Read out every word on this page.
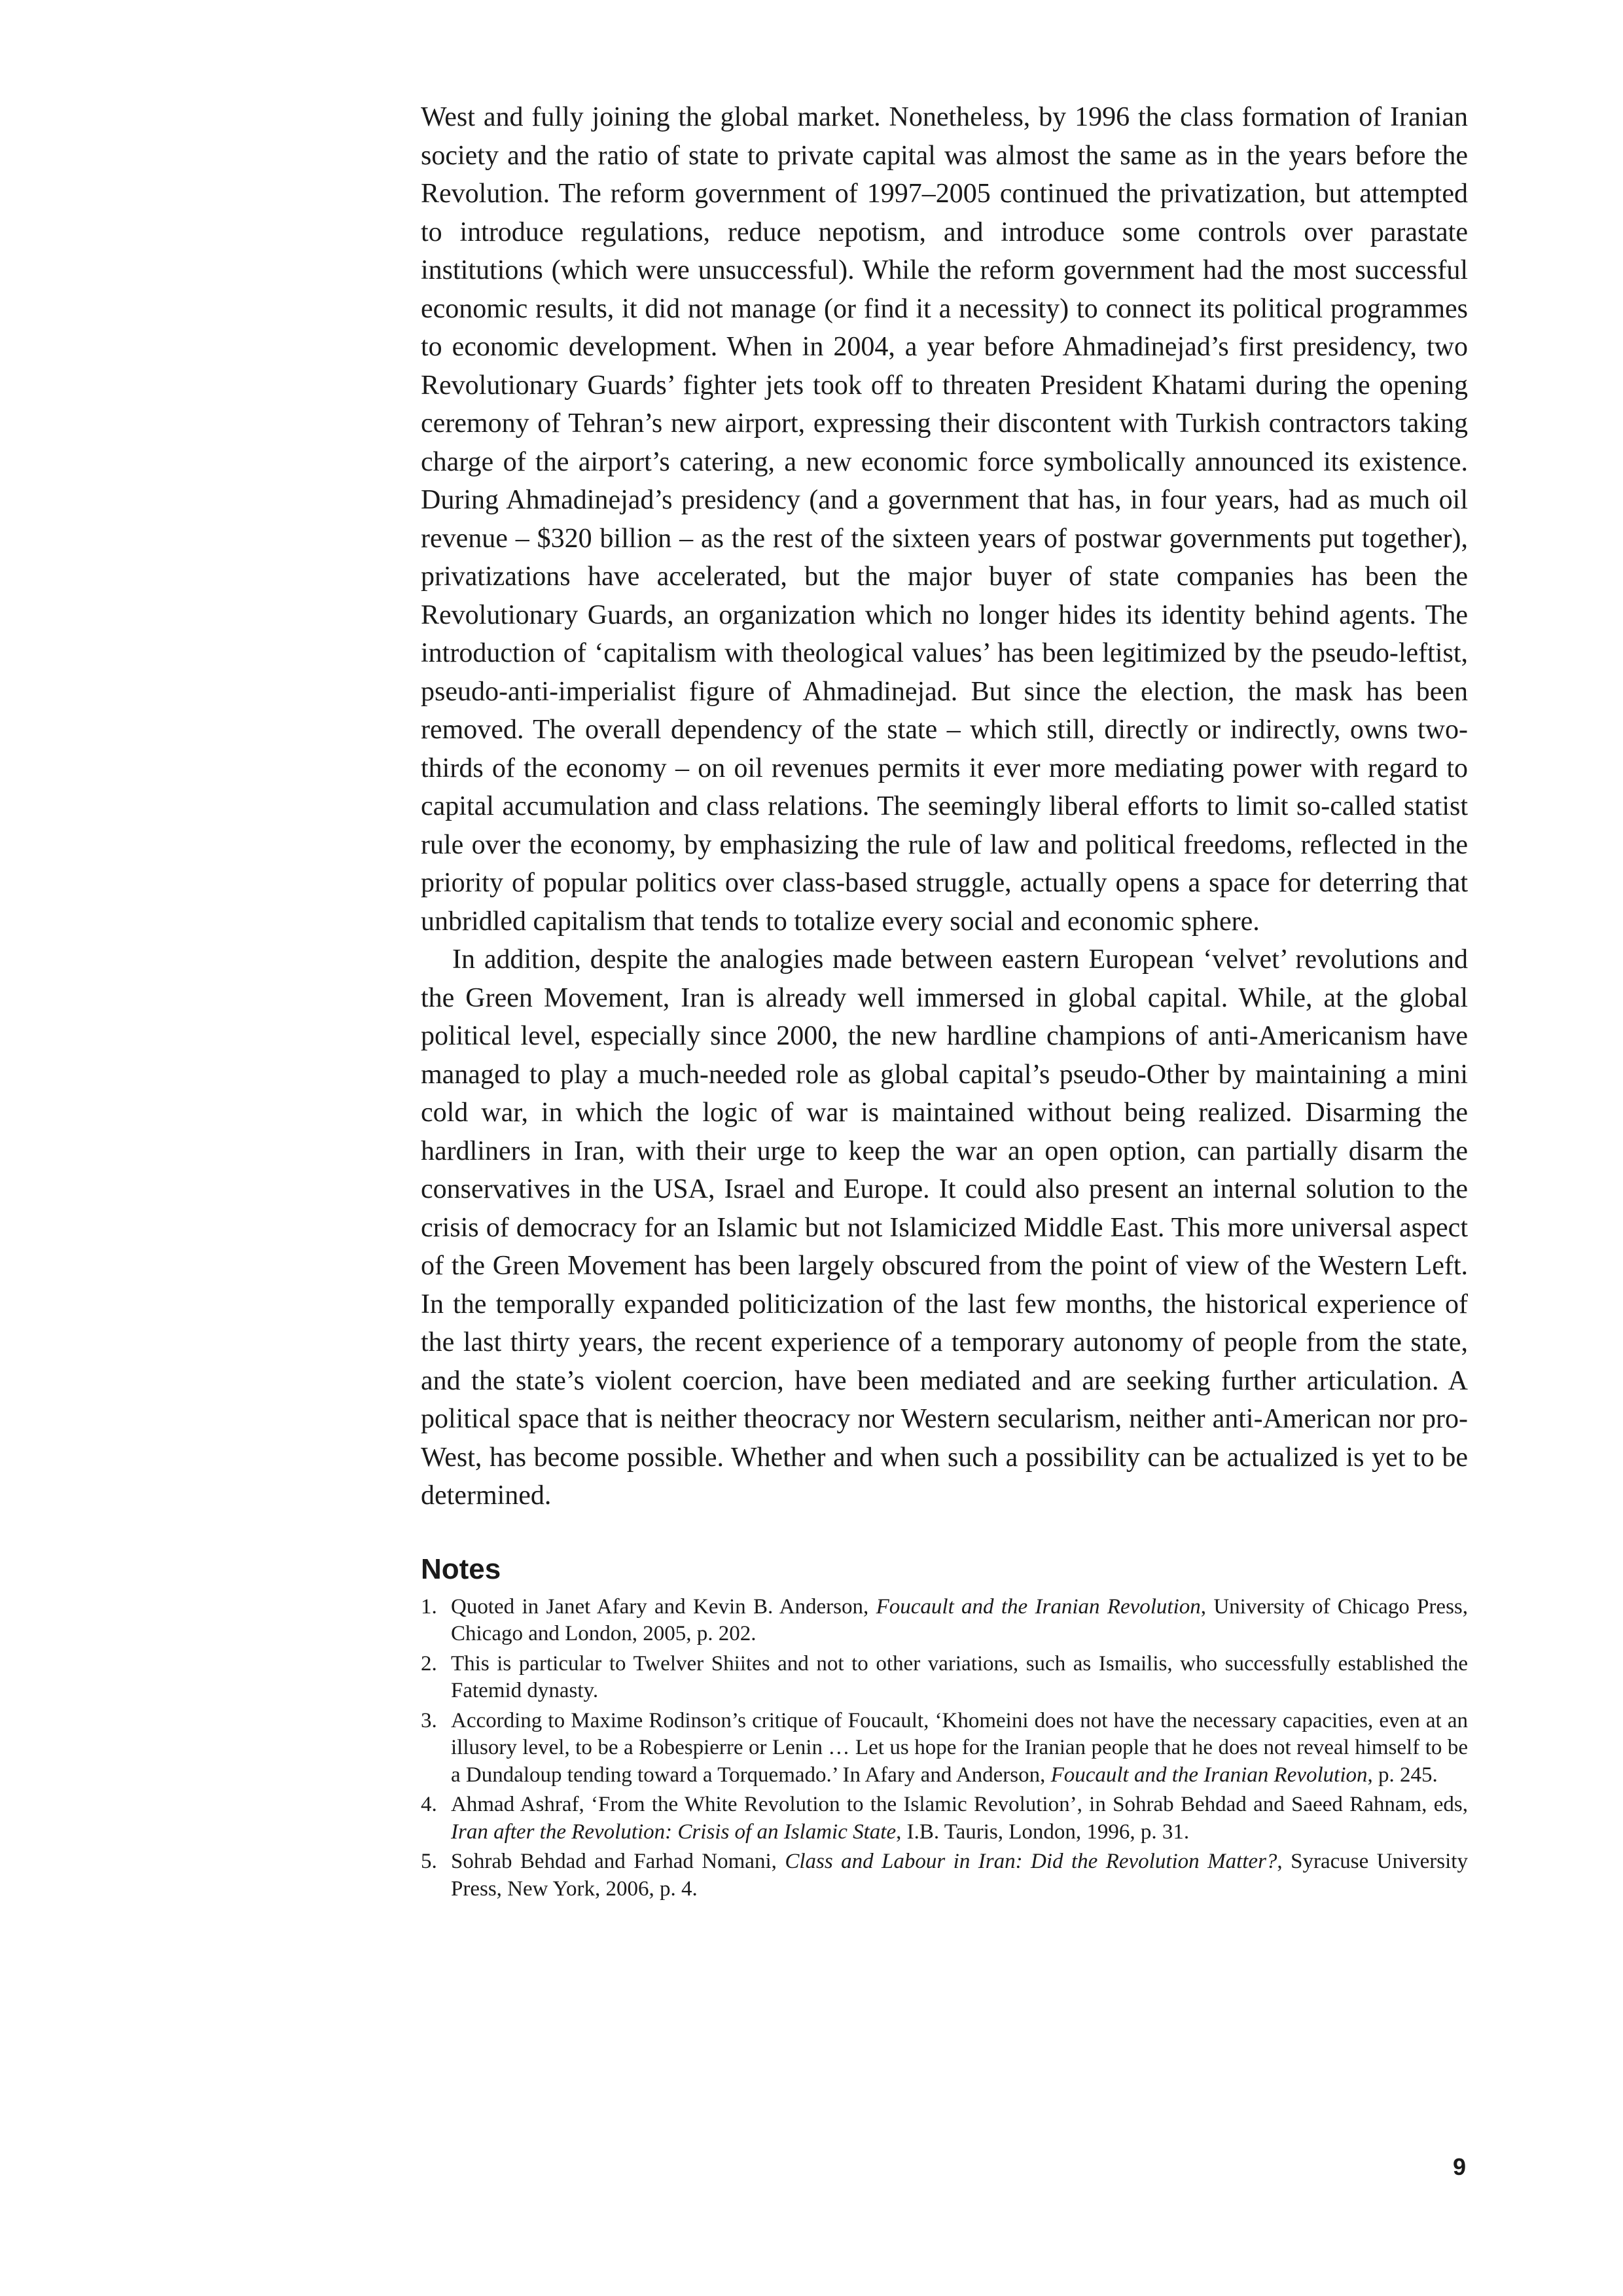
West and fully joining the global market. Nonetheless, by 1996 the class formation of Iranian society and the ratio of state to private capital was almost the same as in the years before the Revolution. The reform government of 1997–2005 continued the privatization, but attempted to introduce regulations, reduce nepotism, and introduce some controls over parastate institutions (which were unsuccessful). While the reform government had the most successful economic results, it did not manage (or find it a necessity) to connect its political programmes to economic development. When in 2004, a year before Ahmadinejad’s first presidency, two Revolutionary Guards’ fighter jets took off to threaten President Khatami during the opening ceremony of Tehran’s new airport, expressing their discontent with Turkish contractors taking charge of the airport’s catering, a new economic force symbolically announced its existence. During Ahmadinejad’s presidency (and a government that has, in four years, had as much oil revenue – $320 billion – as the rest of the sixteen years of postwar governments put together), privatizations have accelerated, but the major buyer of state companies has been the Revolutionary Guards, an organization which no longer hides its identity behind agents. The introduction of ‘capitalism with theological values’ has been legitimized by the pseudo-leftist, pseudo-anti-imperialist figure of Ahmadinejad. But since the election, the mask has been removed. The overall dependency of the state – which still, directly or indirectly, owns two-thirds of the economy – on oil revenues permits it ever more mediating power with regard to capital accumulation and class relations. The seemingly liberal efforts to limit so-called statist rule over the economy, by emphasizing the rule of law and political freedoms, reflected in the priority of popular politics over class-based struggle, actually opens a space for deterring that unbridled capitalism that tends to totalize every social and economic sphere.

In addition, despite the analogies made between eastern European ‘velvet’ revolutions and the Green Movement, Iran is already well immersed in global capital. While, at the global political level, especially since 2000, the new hardline champions of anti-Americanism have managed to play a much-needed role as global capital’s pseudo-Other by maintaining a mini cold war, in which the logic of war is maintained without being realized. Disarming the hardliners in Iran, with their urge to keep the war an open option, can partially disarm the conservatives in the USA, Israel and Europe. It could also present an internal solution to the crisis of democracy for an Islamic but not Islamicized Middle East. This more universal aspect of the Green Movement has been largely obscured from the point of view of the Western Left. In the temporally expanded politicization of the last few months, the historical experience of the last thirty years, the recent experience of a temporary autonomy of people from the state, and the state’s violent coercion, have been mediated and are seeking further articulation. A political space that is neither theocracy nor Western secularism, neither anti-American nor pro-West, has become possible. Whether and when such a possibility can be actualized is yet to be determined.

Notes
1. Quoted in Janet Afary and Kevin B. Anderson, Foucault and the Iranian Revolution, University of Chicago Press, Chicago and London, 2005, p. 202.
2. This is particular to Twelver Shiites and not to other variations, such as Ismailis, who successfully established the Fatemid dynasty.
3. According to Maxime Rodinson’s critique of Foucault, ‘Khomeini does not have the necessary capacities, even at an illusory level, to be a Robespierre or Lenin … Let us hope for the Iranian people that he does not reveal himself to be a Dundaloup tending toward a Torquemado.’ In Afary and Anderson, Foucault and the Iranian Revolution, p. 245.
4. Ahmad Ashraf, ‘From the White Revolution to the Islamic Revolution’, in Sohrab Behdad and Saeed Rahnam, eds, Iran after the Revolution: Crisis of an Islamic State, I.B. Tauris, London, 1996, p. 31.
5. Sohrab Behdad and Farhad Nomani, Class and Labour in Iran: Did the Revolution Matter?, Syracuse University Press, New York, 2006, p. 4.
9
